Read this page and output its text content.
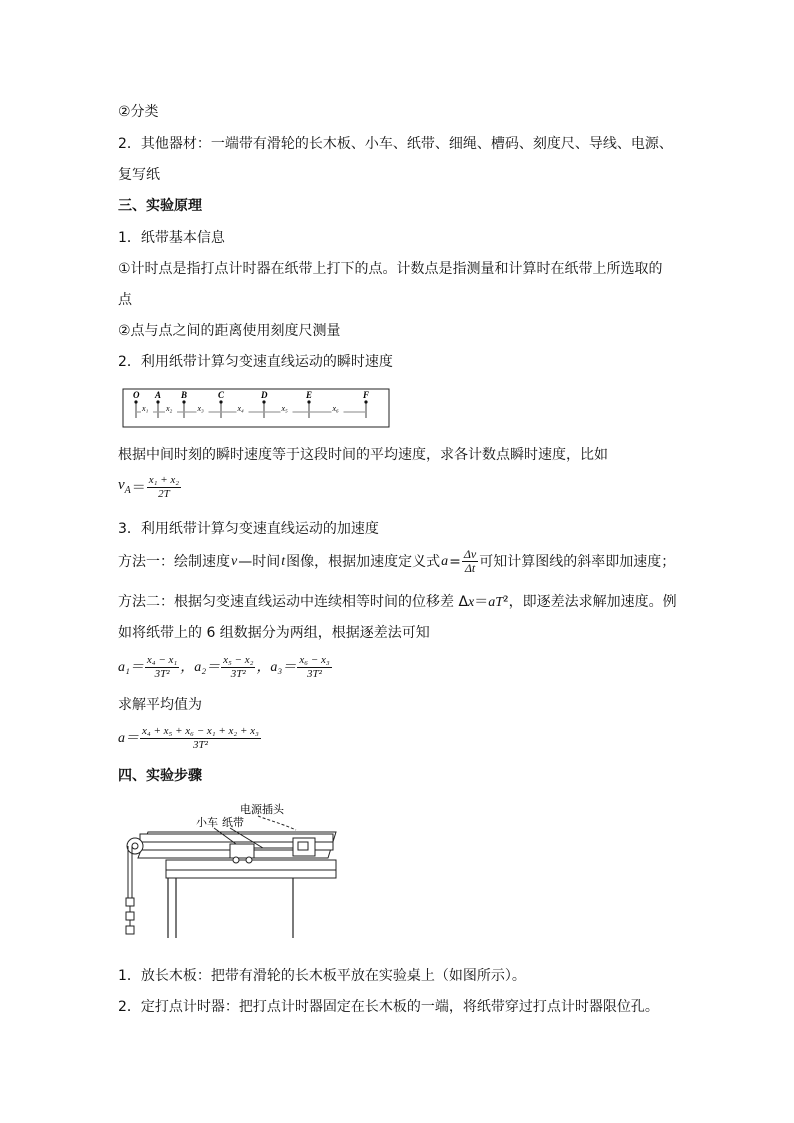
②分类
2．其他器材：一端带有滑轮的长木板、小车、纸带、细绳、槽码、刻度尺、导线、电源、
复写纸
三、实验原理
1．纸带基本信息
①计时点是指打点计时器在纸带上打下的点。计数点是指测量和计算时在纸带上所选取的
点
②点与点之间的距离使用刻度尺测量
2．利用纸带计算匀变速直线运动的瞬时速度
O A B	C	D	E	F
x₁ x₂	x₃	x₄	x₅	x₆
根据中间时刻的瞬时速度等于这段时间的平均速度，求各计数点瞬时速度，比如
$v_A = \frac{\text{x₁ + x₂}}{2T}$
3．利用纸带计算匀变速直线运动的加速度
方法一：绘制速度 v —时间 t 图像，根据加速度定义式 $a = \frac{\Delta v}{\Delta t}$ 可知计算图线的斜率即加速度；
方法二：根据匀变速直线运动中连续相等时间的位移差 Δx＝aT²，即逐差法求解加速度。例
如将纸带上的 6 组数据分为两组，根据逐差法可知
$a_1= \frac{\text{x₄ − x₁}}{\text{3T²}}$ ，$a_2= \frac{\text{x₅ − x₂}}{\text{3T²}}$ ，$a_3= \frac{\text{x₆ − x₃}}{\text{3T²}}$
求解平均值为
$a= \frac{\text{x₄ + x₅ + x₆ − x₁ + x₂ + x₃}}{\text{3T²}}$
四、实验步骤
小车 纸带
电源插头
1．放长木板：把带有滑轮的长木板平放在实验桌上（如图所示）。
2．定打点计时器：把打点计时器固定在长木板的一端，将纸带穿过打点计时器限位孔。
